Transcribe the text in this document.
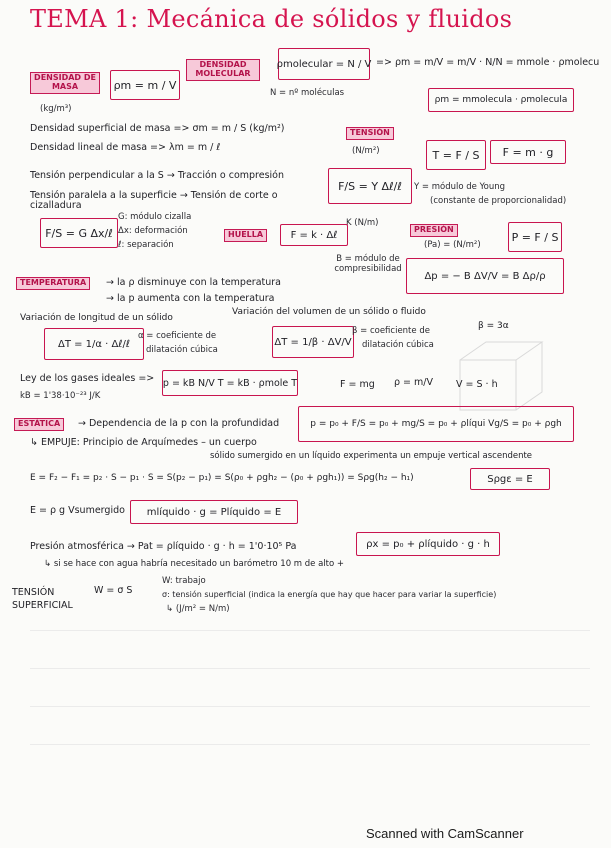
TEMA 1: Mecánica de sólidos y fluidos
DENSIDAD DE MASA
(kg/m³)
ρm = m / V
DENSIDAD MOLECULAR
ρmolecular = N / V => ρm = m/V = m/V · N/N = mmole · ρmolecu
N = nº moléculas
ρm = mmolecula · ρmolecula
Densidad superficial de masa => σm = m / S (kg/m²)
Densidad lineal de masa => λm = m / ℓ
TENSIÓN
(N/m²)	T = F / S	F = m · g
Tensión perpendicular a la S → Tracción o compresión
Tensión paralela a la superficie → Tensión de corte o cizalladura
F/S = Y Δℓ/ℓ	Y = módulo de Young
(constante de proporcionalidad)
F/S = G Δx/ℓ
G: módulo cizalla
Δx: deformación
ℓ: separación
K (N/m)
HUELLA	F = k · Δℓ	PRESIÓN
(Pa) = (N/m²)
P = F / S
B = módulo de compresibilidad
Δp = − B ΔV/V = B Δρ/ρ
TEMPERATURA	→ la ρ disminuye con la temperatura
→ la p aumenta con la temperatura
Variación de longitud de un sólido
Variación del volumen de un sólido o fluido
β = 3α
ΔT = 1/α · Δℓ/ℓ
α = coeficiente de
dilatación cúbica
ΔT = 1/β · ΔV/V
β = coeficiente de
dilatación cúbica
Ley de los gases ideales => p = kB N/V T = kB · ρmole T
kB = 1'38·10⁻²³ J/K
F = mg ρ = m/V V = S · h
ESTÁTICA	→ Dependencia de la p con la profundidad	p = p₀ + F/S = p₀ + mg/S = p₀ + ρlíqui Vg/S = p₀ + ρgh
↳ EMPUJE: Principio de Arquímedes – un cuerpo
sólido sumergido en un líquido experimenta un empuje vertical ascendente
E = F₂ − F₁ = p₂ · S − p₁ · S = S(p₂ − p₁) = S(ρ₀ + ρgh₂ − (ρ₀ + ρgh₁)) = Sρg(h₂ − h₁)	Sρgε = E
E = ρ g Vsumergido	mlíquido · g = Plíquido = E
Presión atmosférica → Pat = ρlíquido · g · h = 1'0·10⁵ Pa
↳ si se hace con agua habría necesitado un barómetro 10 m de alto +
ρx = p₀ + ρlíquido · g · h
TENSIÓN SUPERFICIAL
W = σ S
W: trabajo
σ: tensión superficial (indica la energía que hay que hacer para variar la superficie)
↳ (J/m² = N/m)
Scanned with CamScanner
